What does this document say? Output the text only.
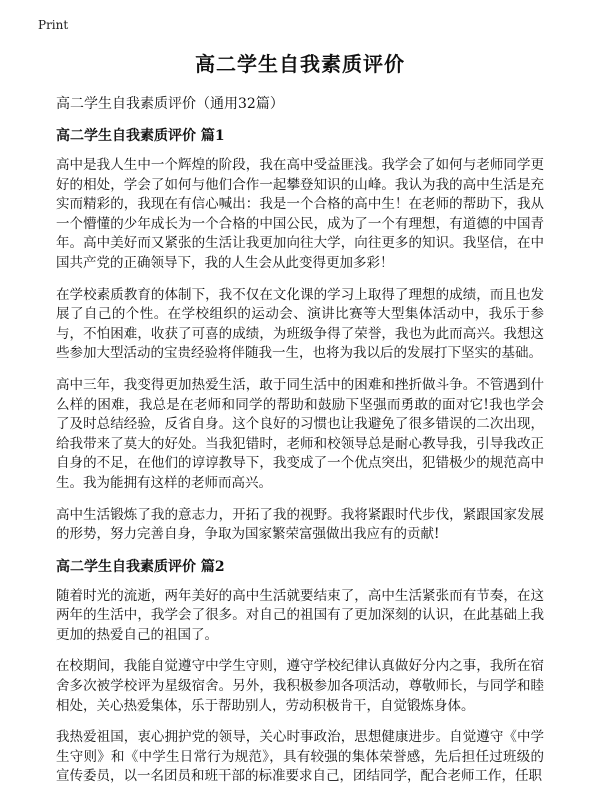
Print
高二学生自我素质评价
高二学生自我素质评价（通用32篇）
高二学生自我素质评价 篇1

高中是我人生中一个辉煌的阶段，我在高中受益匪浅。我学会了如何与老师同学更好的相处，学会了如何与他们合作一起攀登知识的山峰。我认为我的高中生活是充实而精彩的，我现在有信心喊出：我是一个合格的高中生！在老师的帮助下，我从一个懵懂的少年成长为一个合格的中国公民，成为了一个有理想，有道德的中国青年。高中美好而又紧张的生活让我更加向往大学，向往更多的知识。我坚信，在中国共产党的正确领导下，我的人生会从此变得更加多彩！

在学校素质教育的体制下，我不仅在文化课的学习上取得了理想的成绩，而且也发展了自己的个性。在学校组织的运动会、演讲比赛等大型集体活动中，我乐于参与，不怕困难，收获了可喜的成绩，为班级争得了荣誉，我也为此而高兴。我想这些参加大型活动的宝贵经验将伴随我一生，也将为我以后的发展打下坚实的基础。

高中三年，我变得更加热爱生活，敢于同生活中的困难和挫折做斗争。不管遇到什么样的困难，我总是在老师和同学的帮助和鼓励下坚强而勇敢的面对它!我也学会了及时总结经验，反省自身。这个良好的习惯也让我避免了很多错误的二次出现，给我带来了莫大的好处。当我犯错时，老师和校领导总是耐心教导我，引导我改正自身的不足，在他们的谆谆教导下，我变成了一个优点突出，犯错极少的规范高中生。我为能拥有这样的老师而高兴。

高中生活锻炼了我的意志力，开拓了我的视野。我将紧跟时代步伐，紧跟国家发展的形势，努力完善自身，争取为国家繁荣富强做出我应有的贡献!

高二学生自我素质评价 篇2

随着时光的流逝，两年美好的高中生活就要结束了，高中生活紧张而有节奏，在这两年的生活中，我学会了很多。对自己的祖国有了更加深刻的认识，在此基础上我更加的热爱自己的祖国了。

在校期间，我能自觉遵守中学生守则，遵守学校纪律认真做好分内之事，我所在宿舍多次被学校评为星级宿舍。另外，我积极参加各项活动，尊敬师长，与同学和睦相处，关心热爱集体，乐于帮助别人，劳动积极肯干，自觉锻炼身体。

我热爱祖国，衷心拥护党的领导，关心时事政治，思想健康进步。自觉遵守《中学生守则》和《中学生日常行为规范》，具有较强的集体荣誉感，先后担任过班级的宣传委员，以一名团员和班干部的标准要求自己，团结同学，配合老师工作，任职
